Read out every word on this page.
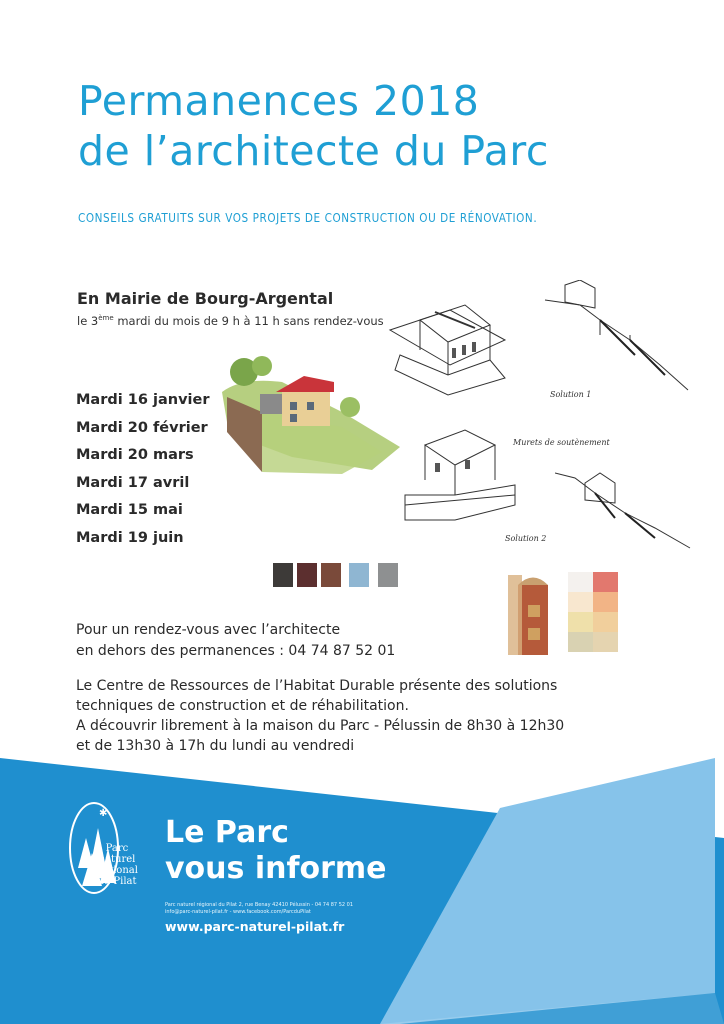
Permanences 2018
de l’architecte du Parc
CONSEILS GRATUITS SUR VOS PROJETS DE CONSTRUCTION OU DE RÉNOVATION.
En Mairie de Bourg-Argental
le 3ème mardi du mois de 9 h à 11 h sans rendez-vous
Mardi 16 janvier
Mardi 20 février
Mardi 20 mars
Mardi 17 avril
Mardi 15 mai
Mardi 19 juin
Solution 1
Murets de soutènement
Solution 2
Pour un rendez-vous avec l’architecte
en dehors des permanences : 04 74 87 52 01
Le Centre de Ressources de l’Habitat Durable présente des solutions
techniques de construction et de réhabilitation.
A découvrir librement à la maison du Parc - Pélussin de 8h30 à 12h30
et de 13h30 à 17h du lundi au vendredi
✱
Parc
naturel
régional
du Pilat
Le Parc
vous informe
Parc naturel régional du Pilat 2, rue Benay 42410 Pélussin - 04 74 87 52 01
info@parc-naturel-pilat.fr - www.facebook.com/ParcduPilat
www.parc-naturel-pilat.fr
